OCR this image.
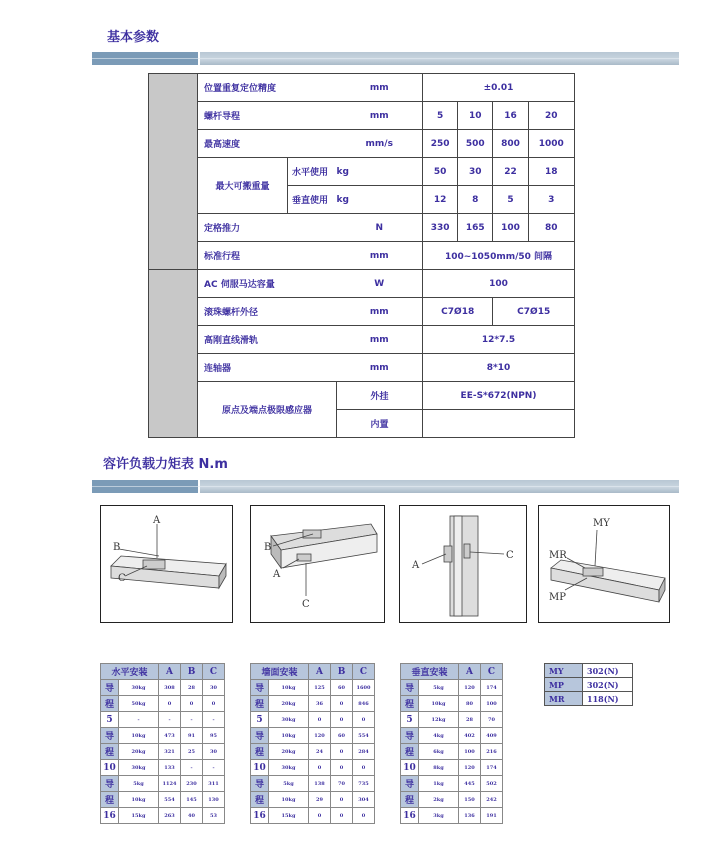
基本参数
	位置重复定位精度		mm	±0.01			
	螺杆导程		mm	5	10	16	20
	最高速度		mm/s	250	500	800	1000
	最大可搬重量	水平使用	kg	50	30	22	18
		垂直使用	kg	12	8	5	3
	定格推力		N	330	165	100	80
	标准行程		mm	100~1050mm/50 间隔			
	AC 伺服马达容量		W	100			
	滚珠螺杆外径		mm	C7Ø18		C7Ø15	
	高刚直线滑轨		mm	12*7.5			
	连轴器		mm	8*10			
	原点及端点极限感应器		外挂	EE-S*672(NPN)			
			内置				
容许负载力矩表 N.m
A
B
C
B
A
C
A
C
MY
MR
MP
水平安装		A	B	C
导	30kg	308	28	30
程	50kg	0	0	0
5	-	-	-	-
导	10kg	473	91	95
程	20kg	321	25	30
10	30kg	133	-	-
导	5kg	1124	230	311
程	10kg	554	145	130
16	15kg	263	40	53
墙面安装		A	B	C
导	10kg	125	60	1600
程	20kg	36	0	846
5	30kg	0	0	0
导	10kg	120	60	554
程	20kg	24	0	284
10	30kg	0	0	0
导	5kg	138	70	735
程	10kg	29	0	304
16	15kg	0	0	0
垂直安装		A	C
导	5kg	120	174
程	10kg	80	100
5	12kg	28	70
导	4kg	402	409
程	6kg	100	216
10	8kg	120	174
导	1kg	445	502
程	2kg	150	242
16	3kg	136	191
MY	302(N)
MP	302(N)
MR	118(N)
